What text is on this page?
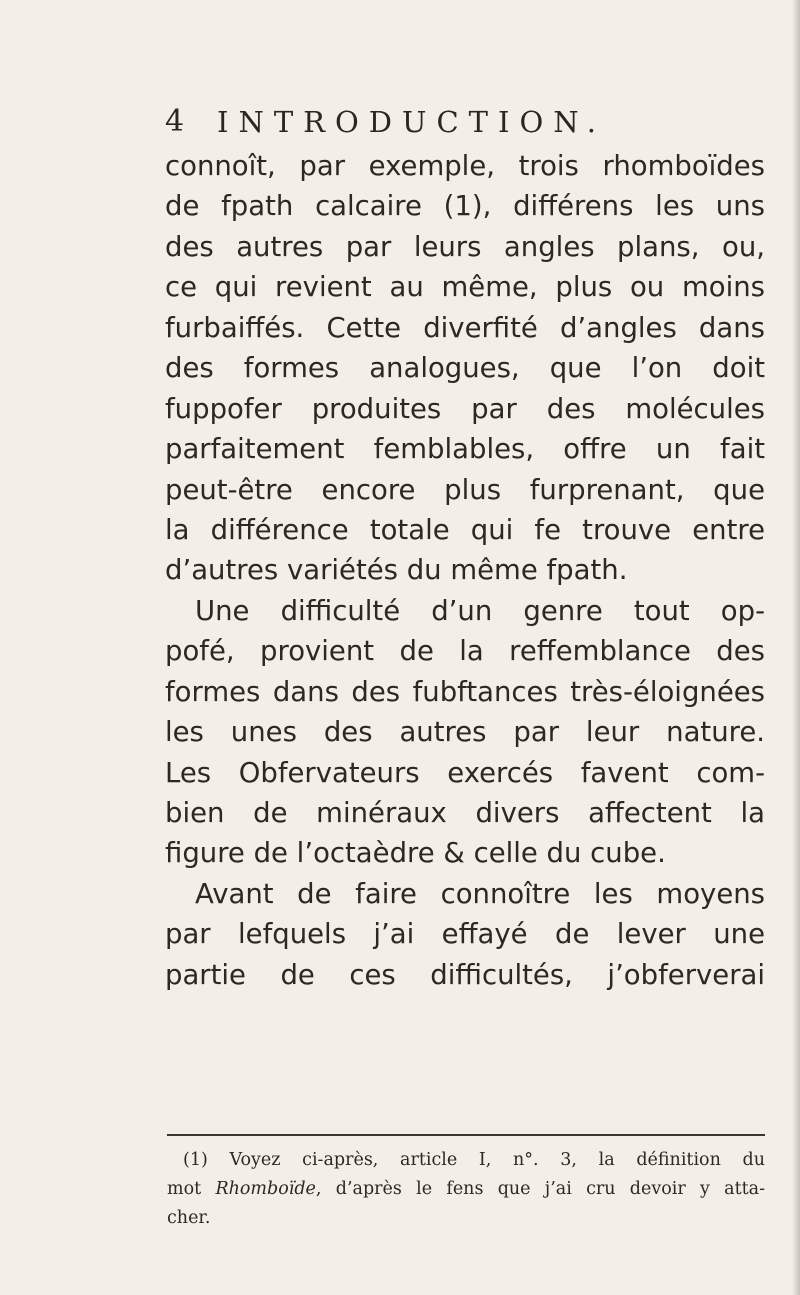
4 INTRODUCTION.
connoît, par exemple, trois rhomboïdes
de fpath calcaire (1), différens les uns
des autres par leurs angles plans, ou,
ce qui revient au même, plus ou moins
furbaiffés. Cette diverfité d’angles dans
des formes analogues, que l’on doit
fuppofer produites par des molécules
parfaitement femblables, offre un fait
peut-être encore plus furprenant, que
la différence totale qui fe trouve entre
d’autres variétés du même fpath.
Une difficulté d’un genre tout op-
pofé, provient de la reffemblance des
formes dans des fubftances très-éloignées
les unes des autres par leur nature.
Les Obfervateurs exercés favent com-
bien de minéraux divers affectent la
figure de l’octaèdre & celle du cube.
Avant de faire connoître les moyens
par lefquels j’ai effayé de lever une
partie de ces difficultés, j’obferverai
(1) Voyez ci-après, article I, n°. 3, la définition du
mot Rhomboïde, d’après le fens que j’ai cru devoir y atta-
cher.
